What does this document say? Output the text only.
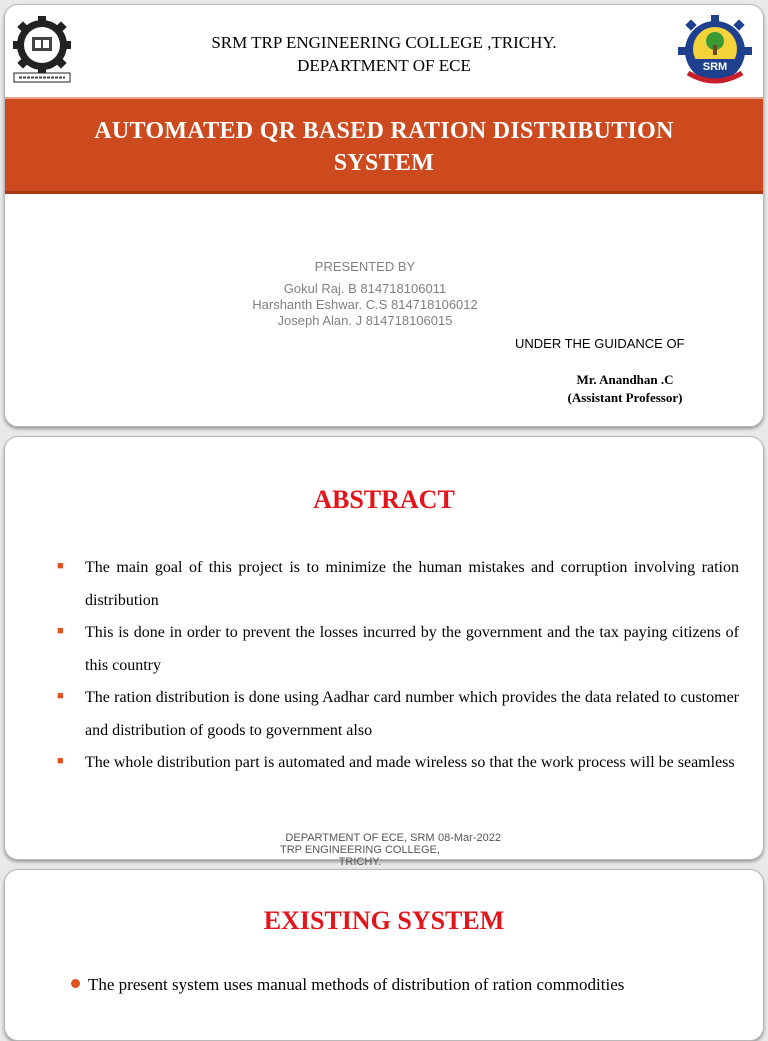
SRM TRP ENGINEERING COLLEGE ,TRICHY.
DEPARTMENT OF ECE	SRM
AUTOMATED QR BASED RATION DISTRIBUTION SYSTEM
PRESENTED BY
Gokul Raj. B 814718106011
Harshanth Eshwar. C.S 814718106012
Joseph Alan. J 814718106015
UNDER THE GUIDANCE OF
Mr. Anandhan .C
(Assistant Professor)
ABSTRACT
■ The main goal of this project is to minimize the human mistakes and corruption involving ration distribution
■ This is done in order to prevent the losses incurred by the government and the tax paying citizens of this country
■ The ration distribution is done using Aadhar card number which provides the data related to customer and distribution of goods to government also
■ The whole distribution part is automated and made wireless so that the work process will be seamless
DEPARTMENT OF ECE, SRM TRP ENGINEERING COLLEGE, TRICHY.
08-Mar-2022
EXISTING SYSTEM
The present system uses manual methods of distribution of ration commodities
